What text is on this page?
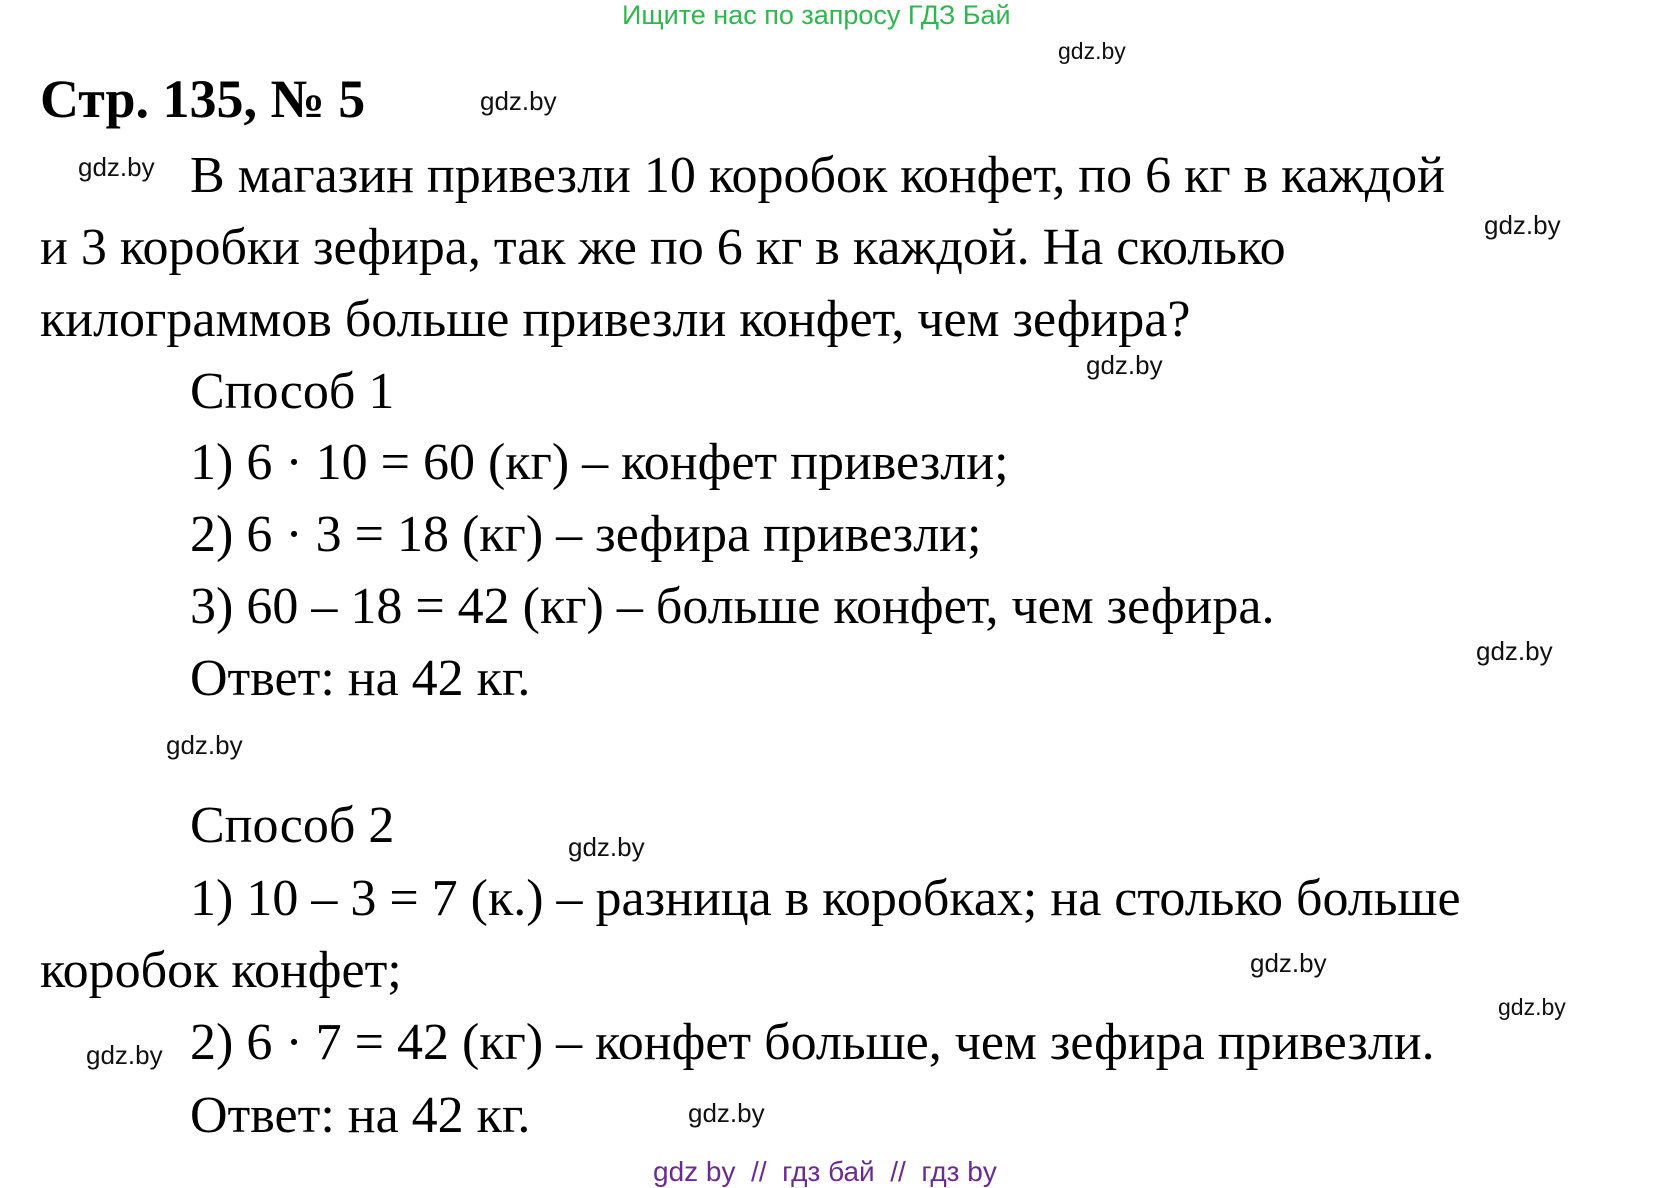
Ищите нас по запросу ГДЗ Бай
Стр. 135, № 5
В магазин привезли 10 коробок конфет, по 6 кг в каждой
и 3 коробки зефира, так же по 6 кг в каждой. На сколько
килограммов больше привезли конфет, чем зефира?
Способ 1
1) 6 · 10 = 60 (кг) – конфет привезли;
2) 6 · 3 = 18 (кг) – зефира привезли;
3) 60 – 18 = 42 (кг) – больше конфет, чем зефира.
Ответ: на 42 кг.
Способ 2
1) 10 – 3 = 7 (к.) – разница в коробках; на столько больше
коробок конфет;
2) 6 · 7 = 42 (кг) – конфет больше, чем зефира привезли.
Ответ: на 42 кг.
gdz.by
gdz.by
gdz.by
gdz.by
gdz.by
gdz.by
gdz.by
gdz.by
gdz.by
gdz.by
gdz.by
gdz.by
gdz by  //  гдз бай  //  гдз by
